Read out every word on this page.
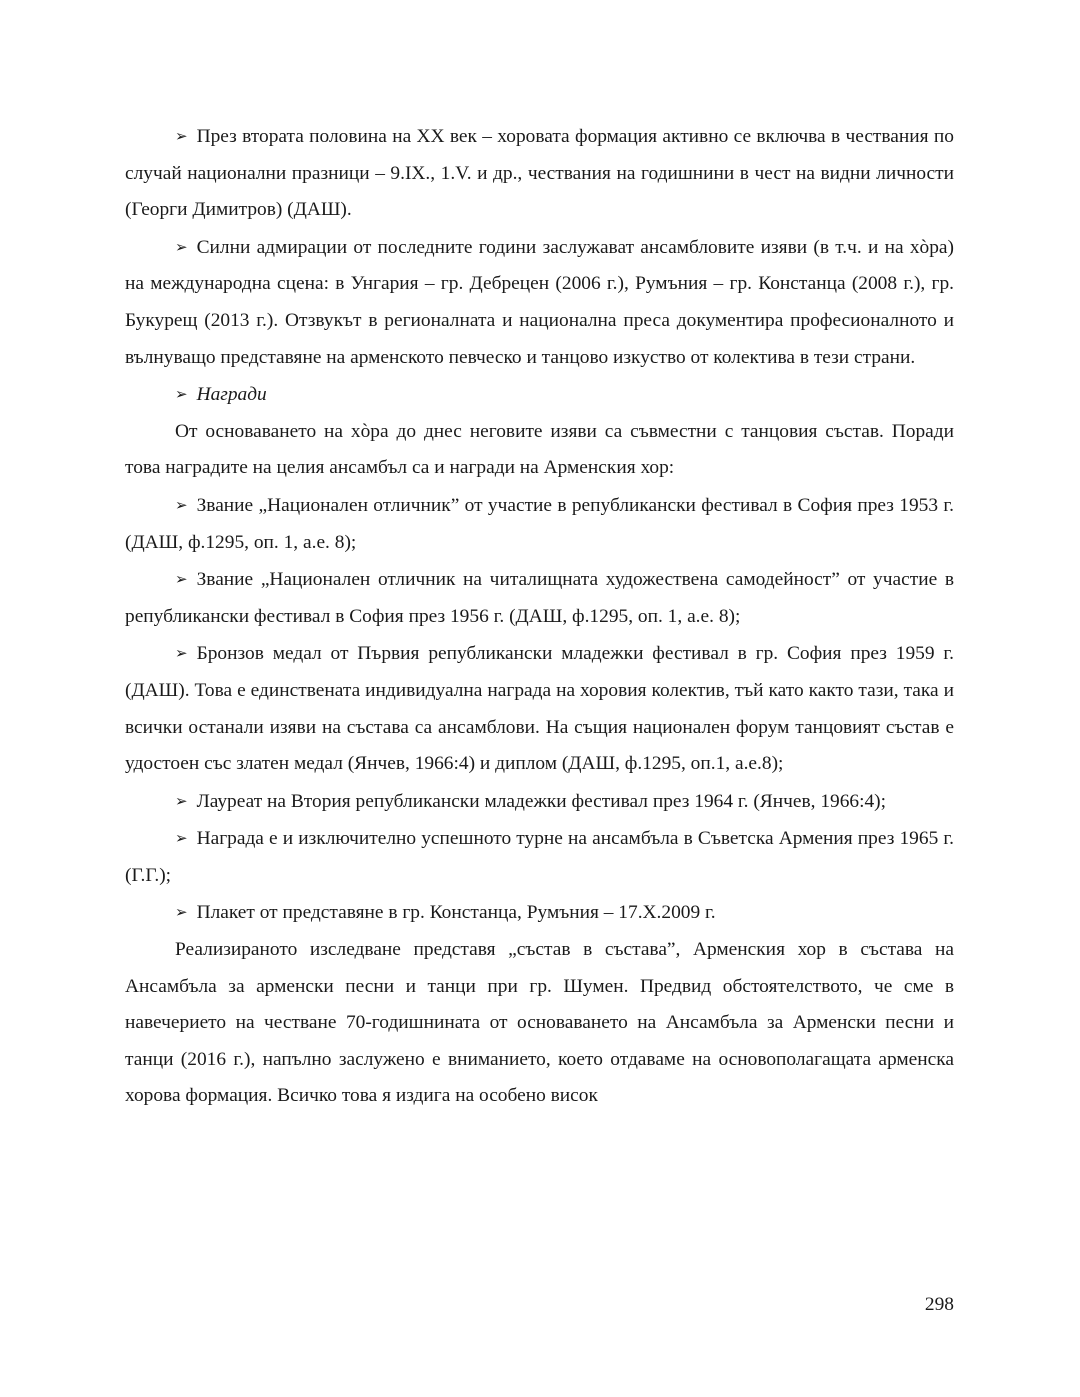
➢ През втората половина на XX век – хоровата формация активно се включва в чествания по случай национални празници – 9.IX., 1.V. и др., чествания на годишнини в чест на видни личности (Георги Димитров) (ДАШ).

➢ Силни адмирации от последните години заслужават ансамбловите изяви (в т.ч. и на хòра) на международна сцена: в Унгария – гр. Дебрецен (2006 г.), Румъния – гр. Констанца (2008 г.), гр. Букурещ (2013 г.). Отзвукът в регионалната и национална преса документира професионалното и вълнуващо представяне на арменското певческо и танцово изкуство от колектива в тези страни.

➢ Награди

От основаването на хòра до днес неговите изяви са съвместни с танцовия състав. Поради това наградите на целия ансамбъл са и награди на Арменския хор:

➢ Звание „Национален отличник” от участие в републикански фестивал в София през 1953 г. (ДАШ, ф.1295, оп. 1, а.е. 8);

➢ Звание „Национален отличник на читалищната художествена самодейност” от участие в републикански фестивал в София през 1956 г. (ДАШ, ф.1295, оп. 1, а.е. 8);

➢ Бронзов медал от Първия републикански младежки фестивал в гр. София през 1959 г. (ДАШ). Това е единствената индивидуална награда на хоровия колектив, тъй като както тази, така и всички останали изяви на състава са ансамблови. На същия национален форум танцовият състав е удостоен със златен медал (Янчев, 1966:4) и диплом (ДАШ, ф.1295, оп.1, а.е.8);

➢ Лауреат на Втория републикански младежки фестивал през 1964 г. (Янчев, 1966:4);

➢ Награда е и изключително успешното турне на ансамбъла в Съветска Армения през 1965 г. (Г.Г.);

➢ Плакет от представяне в гр. Констанца, Румъния – 17.X.2009 г.

Реализираното изследване представя „състав в състава”, Арменския хор в състава на Ансамбъла за арменски песни и танци при гр. Шумен. Предвид обстоятелството, че сме в навечерието на честване 70-годишнината от основаването на Ансамбъла за Арменски песни и танци (2016 г.), напълно заслужено е вниманието, което отдаваме на основополагащата арменска хорова формация. Всичко това я издига на особено висок

298
